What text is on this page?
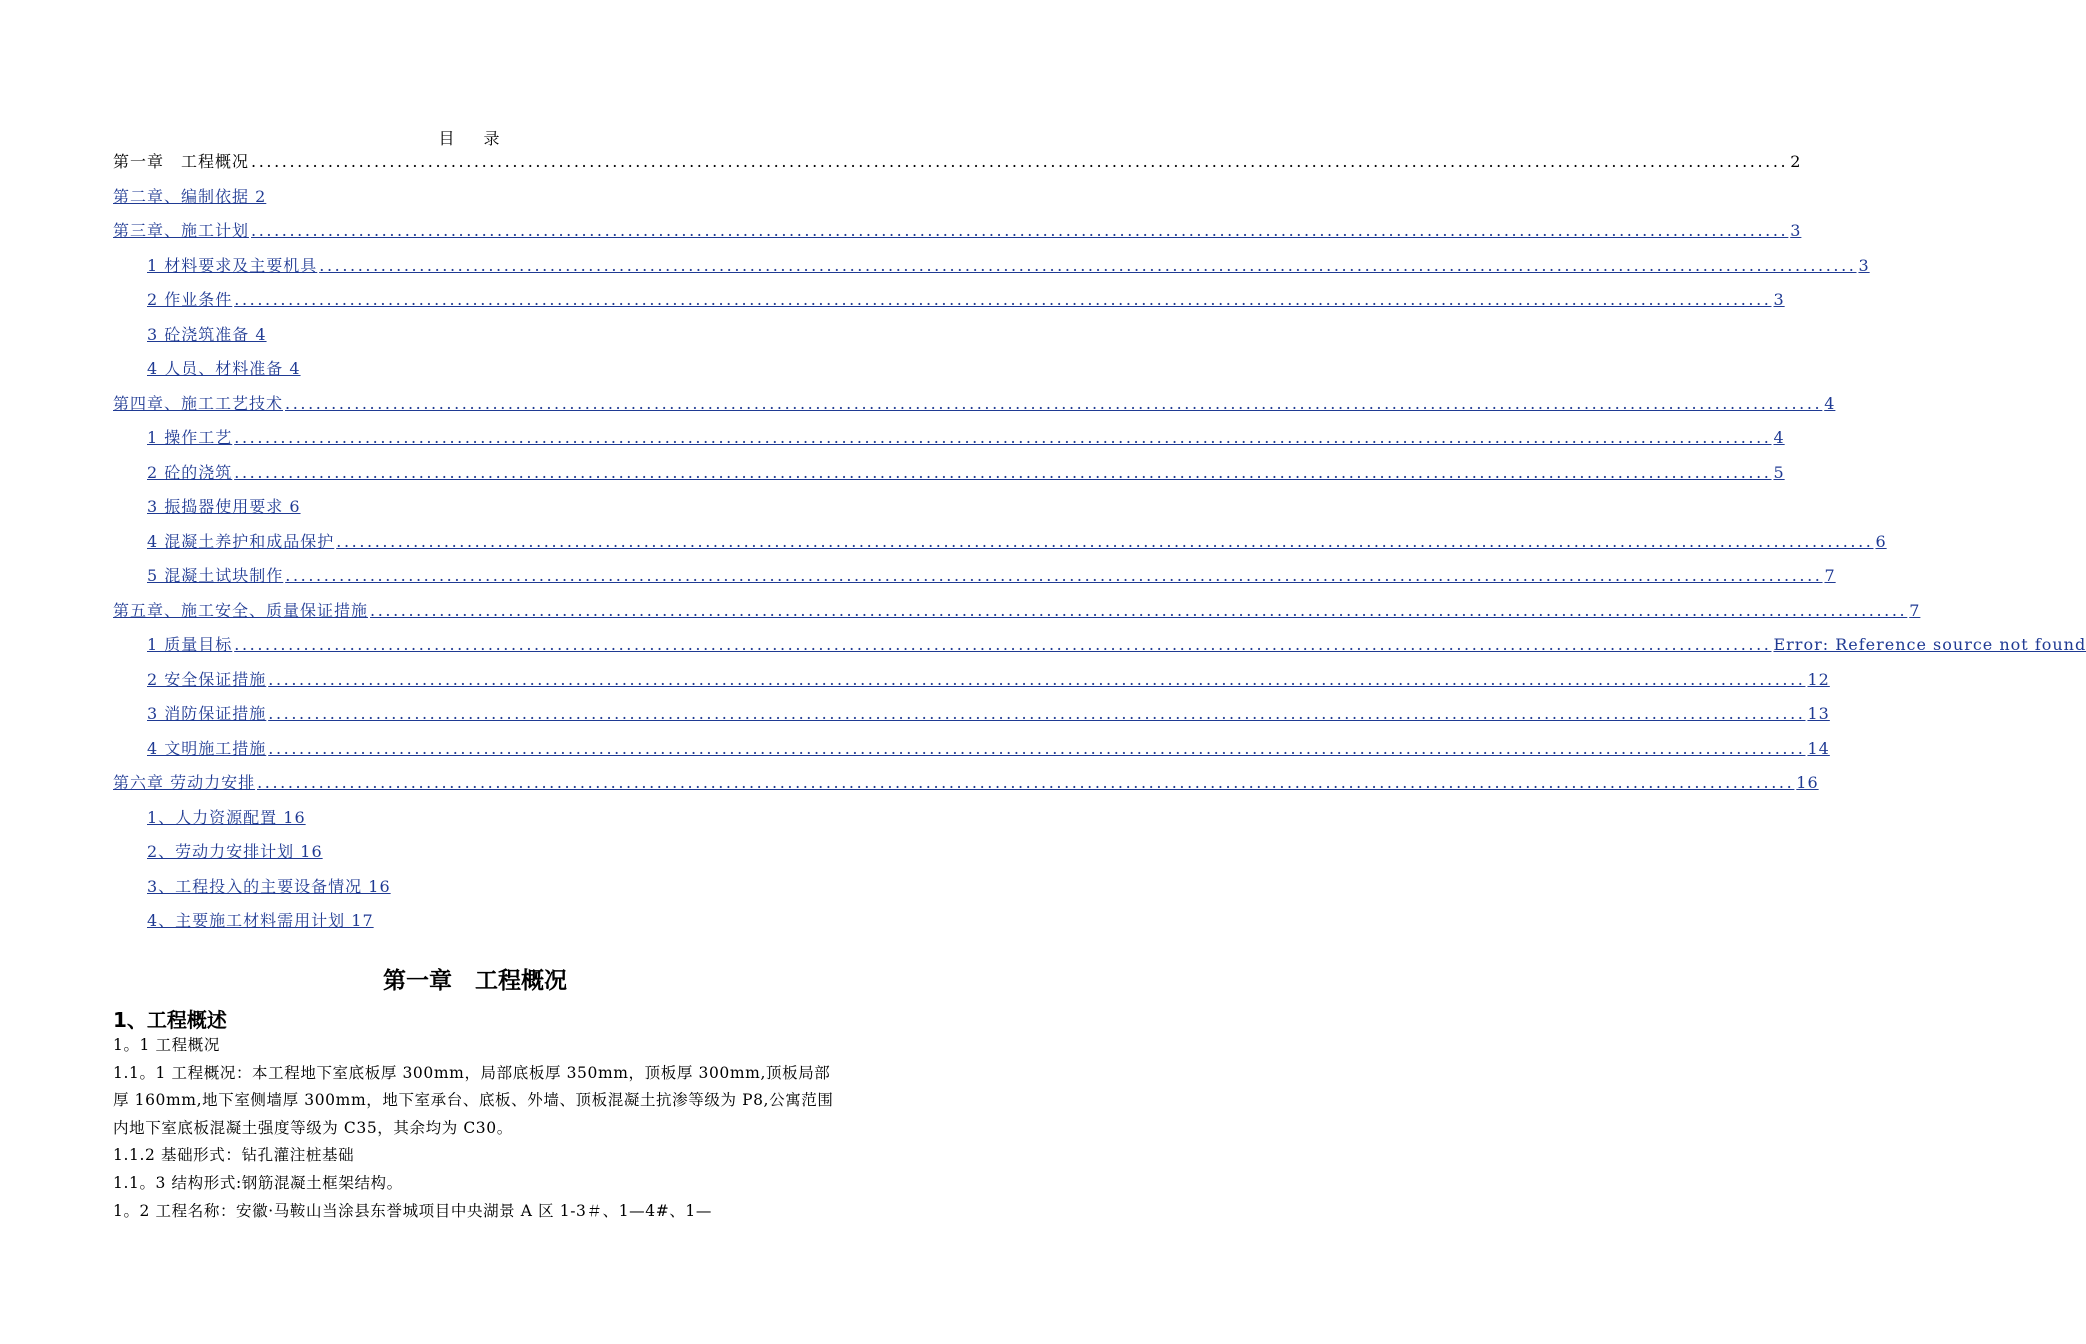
目 录
第一章　工程概况 ........................................................................................................................................................................................................ 2
第二章、编制依据 2
第三章、施工计划 ........................................................................................................................................................................................................ 3
1 材料要求及主要机具 ........................................................................................................................................................................................................ 3
2 作业条件 ........................................................................................................................................................................................................ 3
3 砼浇筑准备 4
4 人员、材料准备 4
第四章、施工工艺技术 ........................................................................................................................................................................................................ 4
1 操作工艺 ........................................................................................................................................................................................................ 4
2 砼的浇筑 ........................................................................................................................................................................................................ 5
3 振捣器使用要求 6
4 混凝土养护和成品保护 ........................................................................................................................................................................................................ 6
5 混凝土试块制作 ........................................................................................................................................................................................................ 7
第五章、施工安全、质量保证措施 ........................................................................................................................................................................................................ 7
1 质量目标 ........................................................................................................................................................................................................ Error: Reference source not found
2 安全保证措施 ........................................................................................................................................................................................................ 12
3 消防保证措施 ........................................................................................................................................................................................................ 13
4 文明施工措施 ........................................................................................................................................................................................................ 14
第六章 劳动力安排 ........................................................................................................................................................................................................ 16
1、人力资源配置 16
2、劳动力安排计划 16
3、工程投入的主要设备情况 16
4、主要施工材料需用计划 17
第一章　工程概况
1、工程概述

1。1 工程概况

1.1。1 工程概况：本工程地下室底板厚 300mm，局部底板厚 350mm，顶板厚 300mm,顶板局部厚 160mm,地下室侧墙厚 300mm，地下室承台、底板、外墙、顶板混凝土抗渗等级为 P8,公寓范围内地下室底板混凝土强度等级为 C35，其余均为 C30。

1.1.2 基础形式：钻孔灌注桩基础

1.1。3 结构形式:钢筋混凝土框架结构。

1。2 工程名称：安徽·马鞍山当涂县东誉城项目中央湖景 A 区 1-3＃、1—4#、1—
